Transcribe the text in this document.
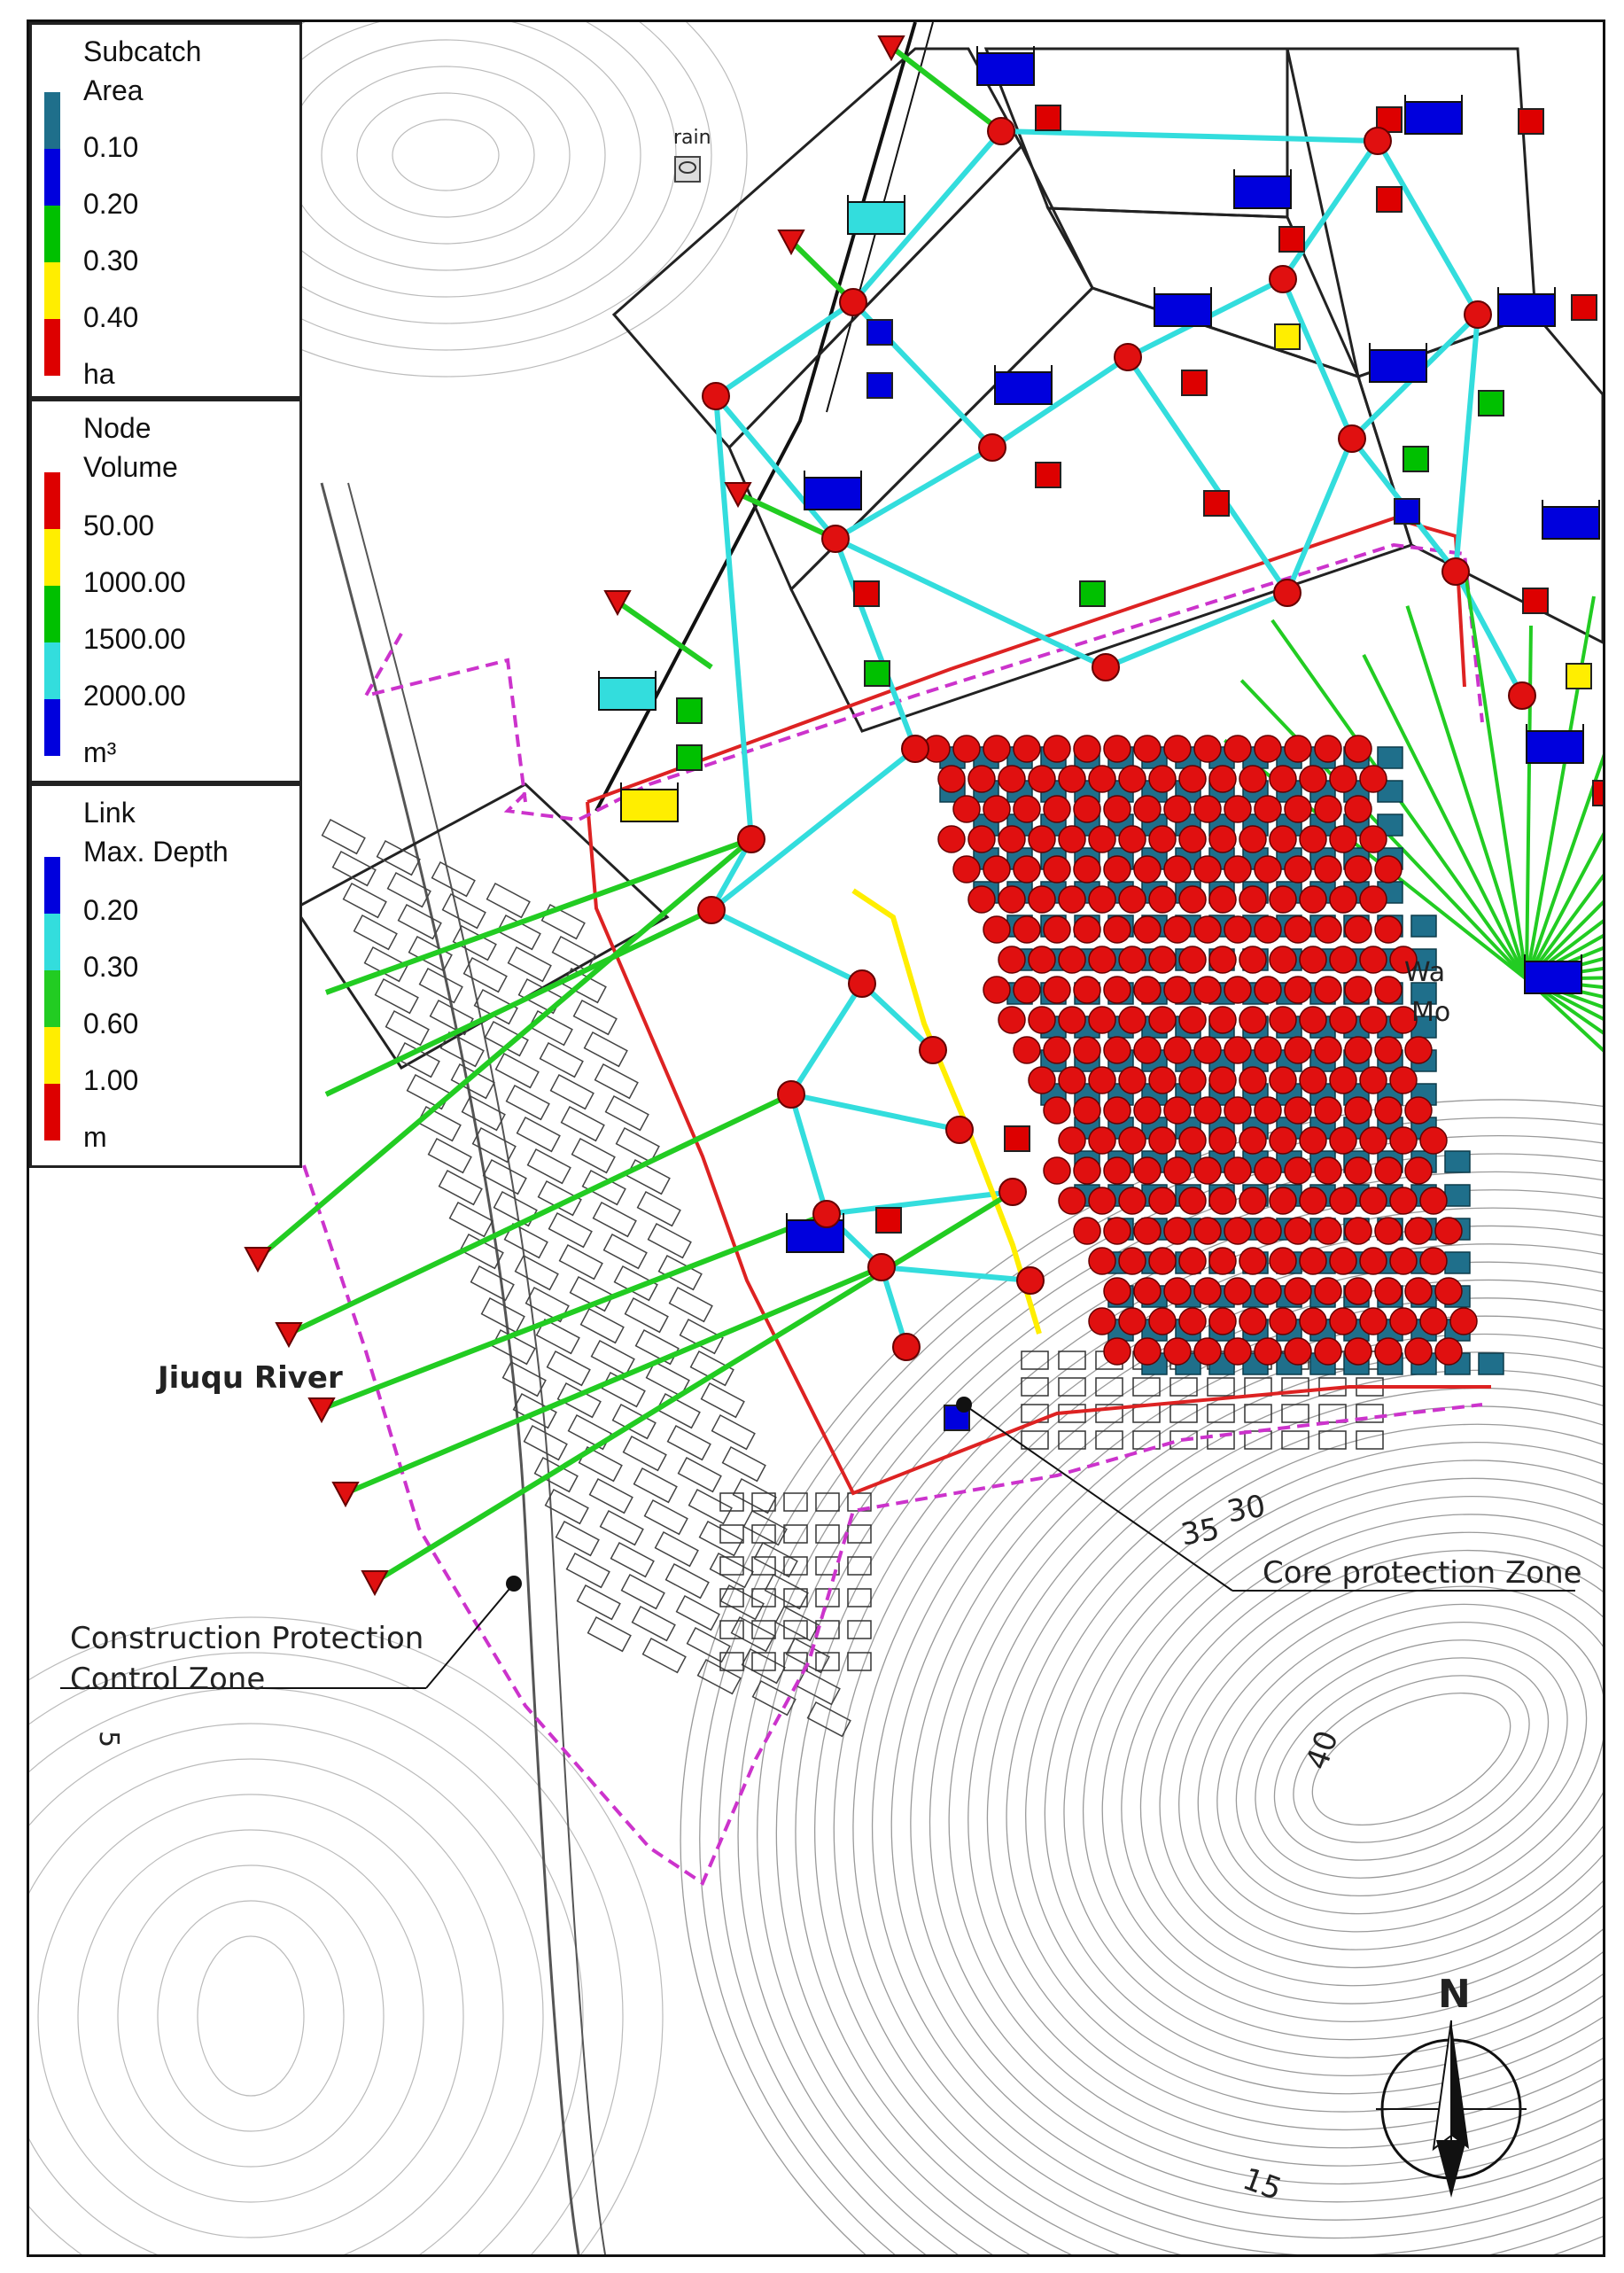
Subcatch
Area
0.10
0.20
0.30
0.40
ha
Node
Volume
50.00
1000.00
1500.00
2000.00
m³
Link
Max. Depth
0.20
0.30
0.60
1.00
m
rain
Jiuqu River
Core protection Zone
Construction Protection
Control Zone
Wa
Mo
30
35
40
15
5
N
